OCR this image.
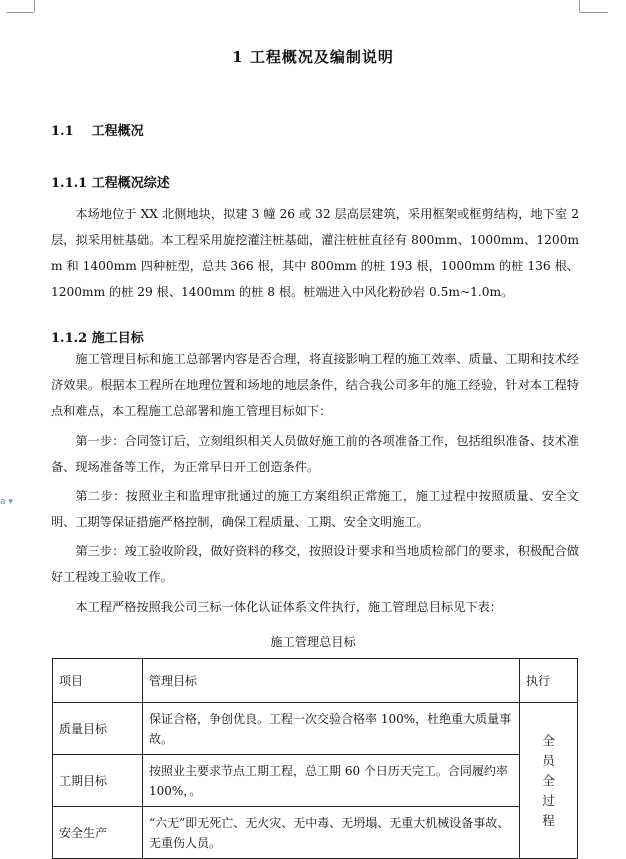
a ▾
1 工程概况及编制说明
1.1 工程概况
1.1.1 工程概况综述
本场地位于 XX 北侧地块，拟建 3 幢 26 或 32 层高层建筑，采用框架或框剪结构，地下室 2 层，拟采用桩基础。本工程采用旋挖灌注桩基础，灌注桩桩直径有 800mm、1000mm、1200mm 和 1400mm 四种桩型，总共 366 根，其中 800mm 的桩 193 根，1000mm 的桩 136 根、1200mm 的桩 29 根、1400mm 的桩 8 根。桩端进入中风化粉砂岩 0.5m~1.0m。
1.1.2 施工目标
施工管理目标和施工总部署内容是否合理，将直接影响工程的施工效率、质量、工期和技术经济效果。根据本工程所在地理位置和场地的地层条件，结合我公司多年的施工经验，针对本工程特点和难点，本工程施工总部署和施工管理目标如下：
第一步：合同签订后，立刻组织相关人员做好施工前的各项准备工作，包括组织准备、技术准备、现场准备等工作，为正常早日开工创造条件。
第二步：按照业主和监理审批通过的施工方案组织正常施工，施工过程中按照质量、安全文明、工期等保证措施严格控制，确保工程质量、工期、安全文明施工。
第三步：竣工验收阶段，做好资料的移交，按照设计要求和当地质检部门的要求，积极配合做好工程竣工验收工作。
本工程严格按照我公司三标一体化认证体系文件执行，施工管理总目标见下表：
施工管理总目标
项目	管理目标	执行
质量目标	保证合格，争创优良。工程一次交验合格率 100%，杜绝重大质量事故。	全员全过程
工期目标	按照业主要求节点工期工程，总工期 60 个日历天完工。合同履约率 100%，。	
安全生产	“六无”即无死亡、无火灾、无中毒、无坍塌、无重大机械设备事故、无重伤人员。	
